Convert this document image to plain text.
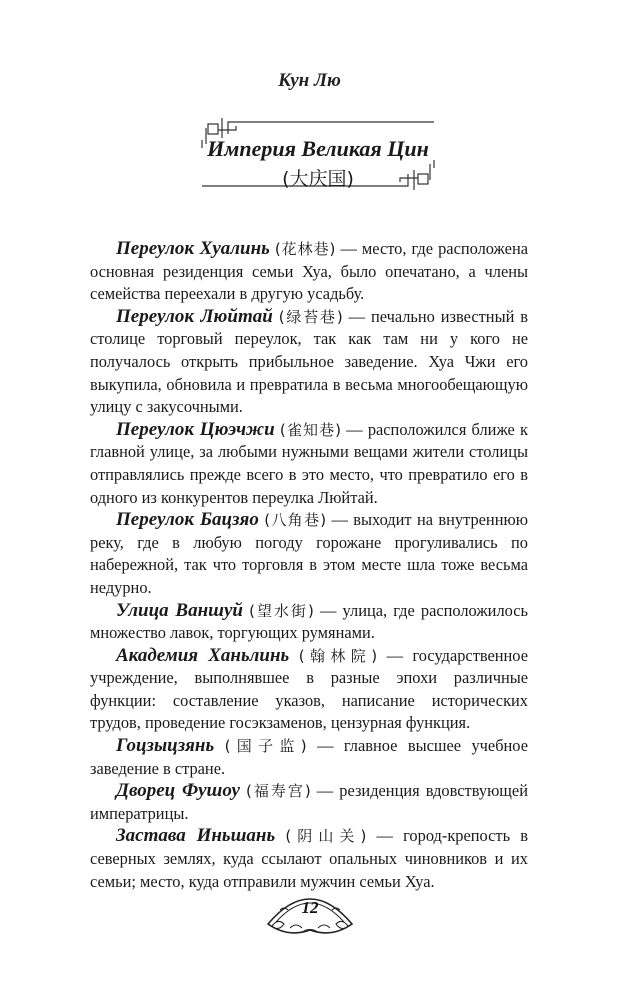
Кун Лю
Империя Великая Цин
(大庆国)

Переулок Хуалинь (花林巷) — место, где расположена основная резиденция семьи Хуа, было опечатано, а члены семейства переехали в другую усадьбу.

Переулок Люйтай (绿苔巷) — печально известный в столице торговый переулок, так как там ни у кого не получалось открыть прибыльное заведение. Хуа Чжи его выкупила, обновила и превратила в весьма многообещающую улицу с закусочными.

Переулок Цюэчжи (雀知巷) — расположился ближе к главной улице, за любыми нужными вещами жители столицы отправлялись прежде всего в это место, что превратило его в одного из конкурентов переулка Люйтай.

Переулок Бацзяо (八角巷) — выходит на внутреннюю реку, где в любую погоду горожане прогуливались по набережной, так что торговля в этом месте шла тоже весьма недурно.

Улица Ваншуй (望水街) — улица, где расположилось множество лавок, торгующих румянами.

Академия Ханьлинь (翰林院) — государственное учреждение, выполнявшее в разные эпохи различные функции: составление указов, написание исторических трудов, проведение госэкзаменов, цензурная функция.

Гоцзыцзянь (国子监) — главное высшее учебное заведение в стране.

Дворец Фушоу (福寿宫) — резиденция вдовствующей императрицы.

Застава Иньшань (阴山关) — город-крепость в северных землях, куда ссылают опальных чиновников и их семьи; место, куда отправили мужчин семьи Хуа.

12
